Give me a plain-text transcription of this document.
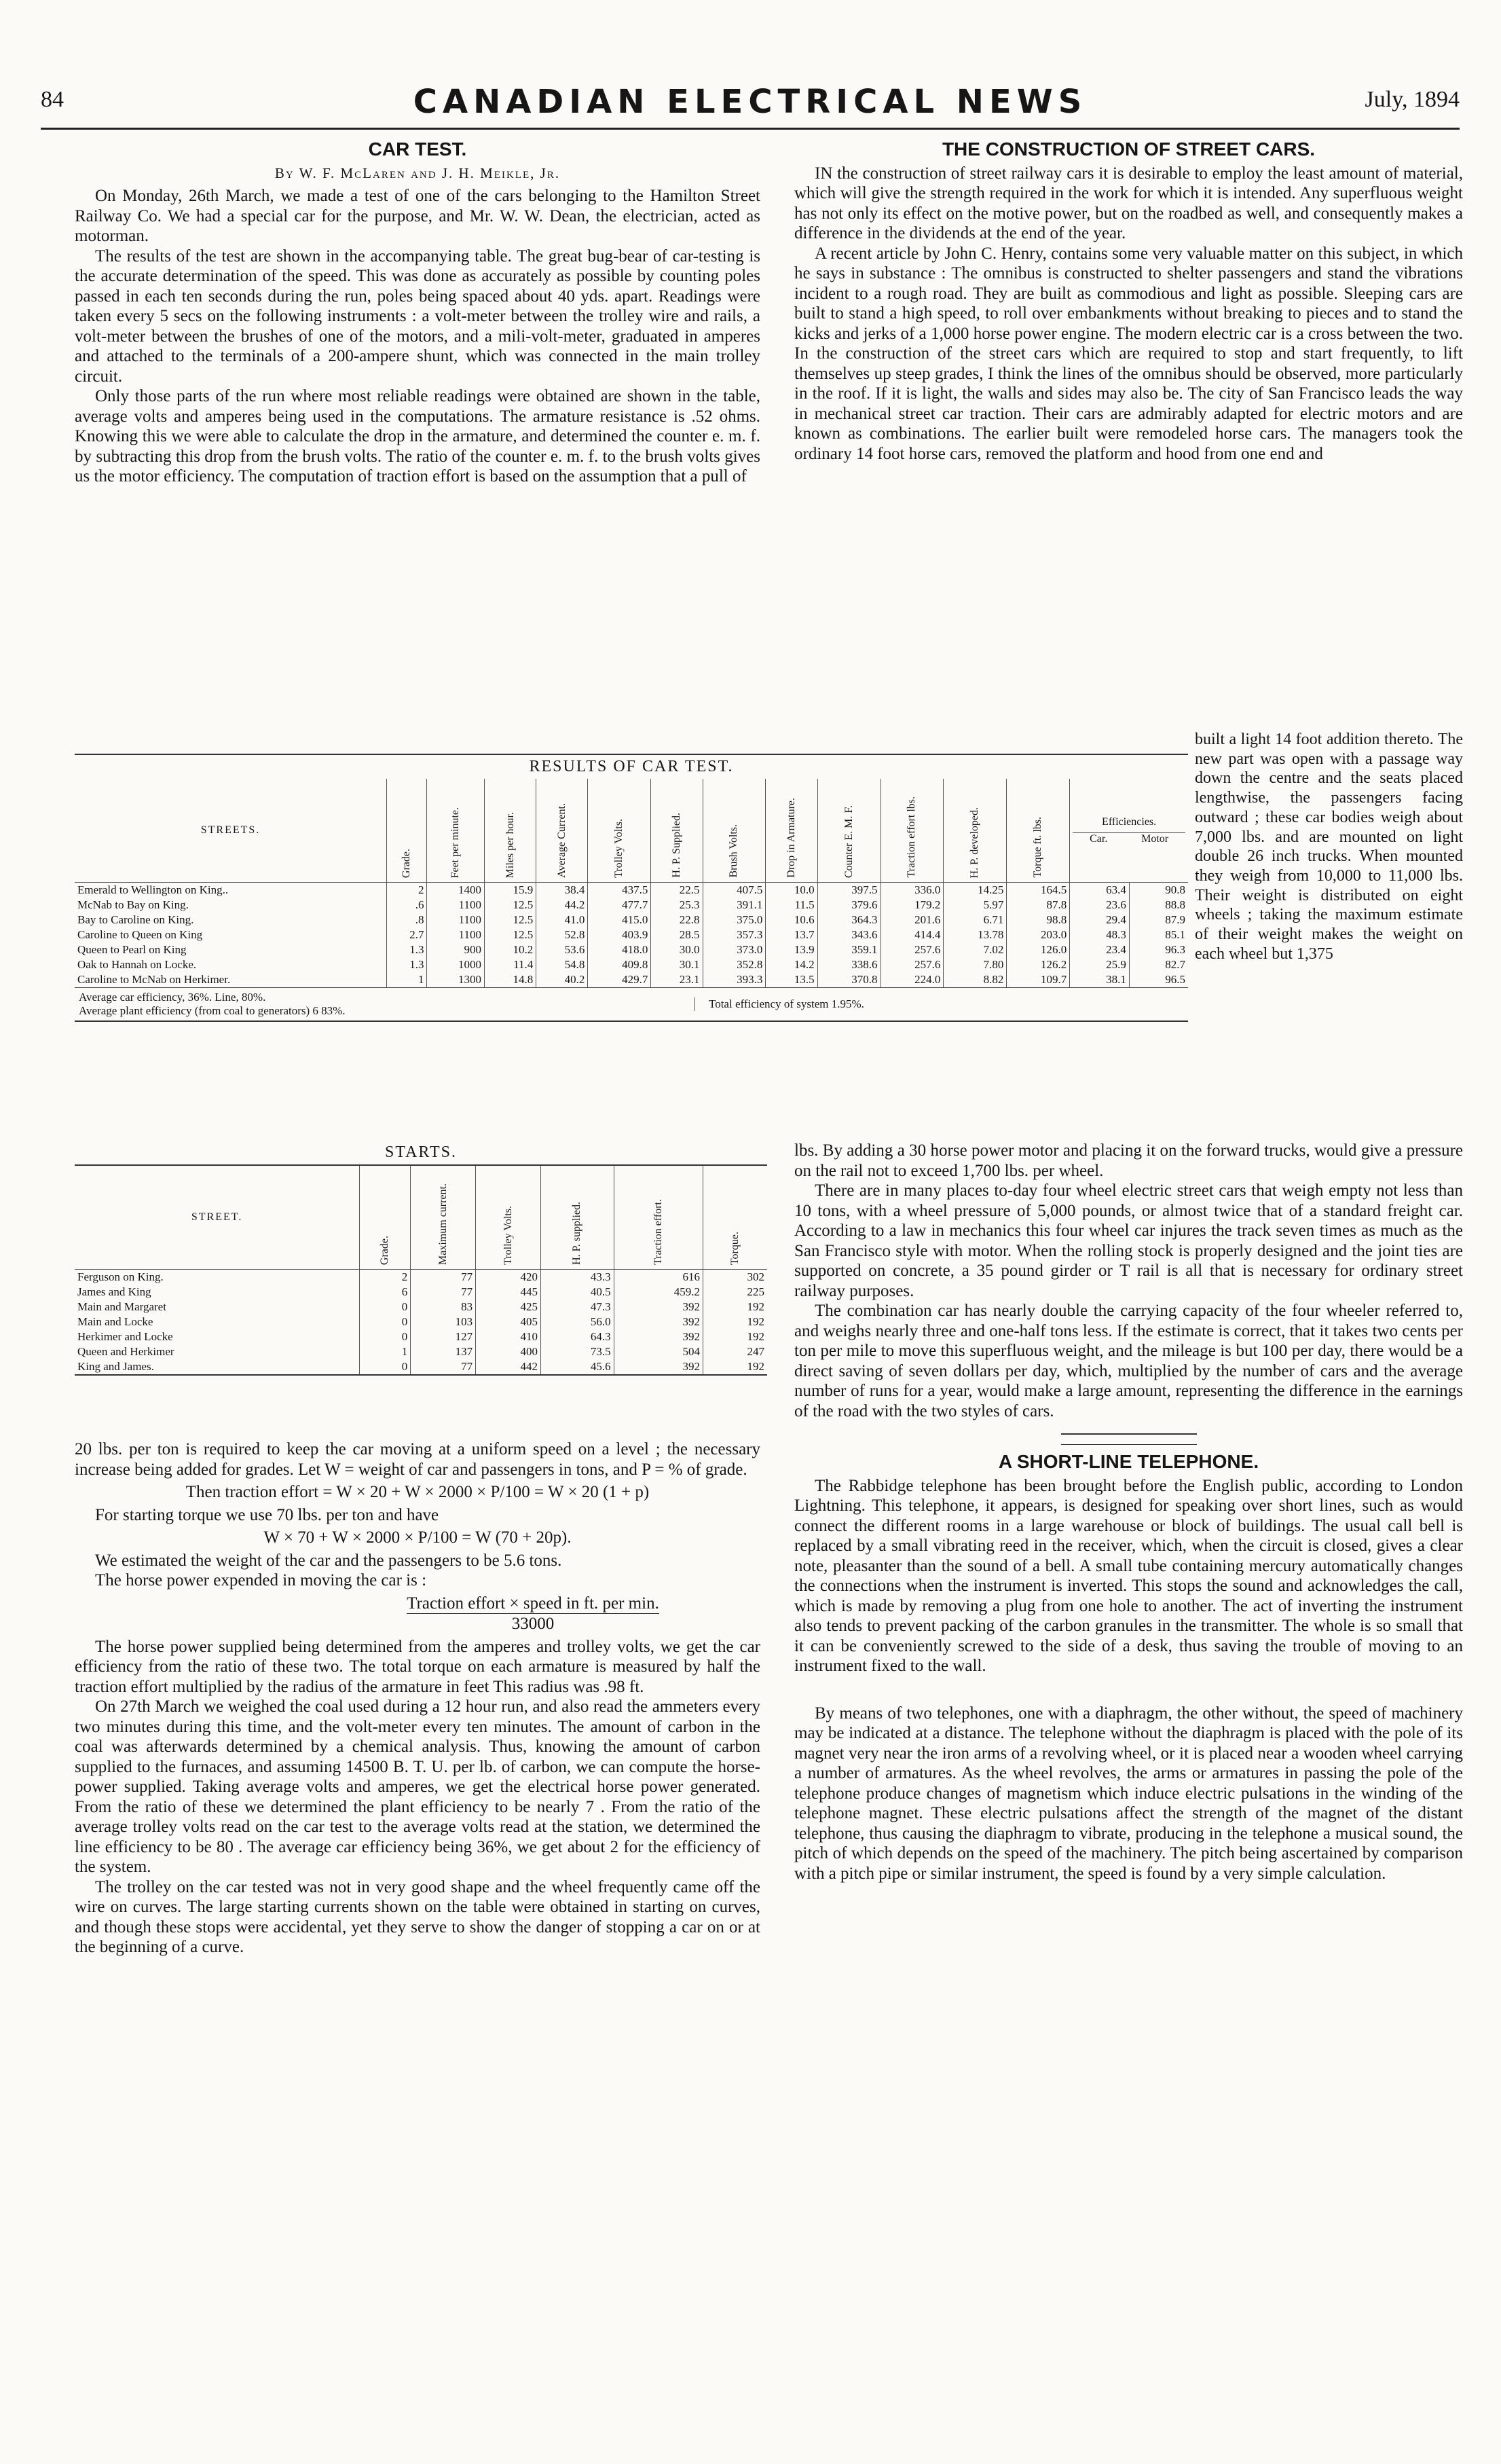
84	CANADIAN ELECTRICAL NEWS	July, 1894
CAR TEST.
By W. F. McLaren and J. H. Meikle, Jr.

On Monday, 26th March, we made a test of one of the cars belonging to the Hamilton Street Railway Co. We had a special car for the purpose, and Mr. W. W. Dean, the electrician, acted as motorman.

The results of the test are shown in the accompanying table. The great bug-bear of car-testing is the accurate determination of the speed. This was done as accurately as possible by counting poles passed in each ten seconds during the run, poles being spaced about 40 yds. apart. Readings were taken every 5 secs on the following instruments : a volt-meter between the trolley wire and rails, a volt-meter between the brushes of one of the motors, and a mili-volt-meter, graduated in amperes and attached to the terminals of a 200-ampere shunt, which was connected in the main trolley circuit.

Only those parts of the run where most reliable readings were obtained are shown in the table, average volts and amperes being used in the computations. The armature resistance is .52 ohms. Knowing this we were able to calculate the drop in the armature, and determined the counter e. m. f. by subtracting this drop from the brush volts. The ratio of the counter e. m. f. to the brush volts gives us the motor efficiency. The computation of traction effort is based on the assumption that a pull of

THE CONSTRUCTION OF STREET CARS.

IN the construction of street railway cars it is desirable to employ the least amount of material, which will give the strength required in the work for which it is intended. Any superfluous weight has not only its effect on the motive power, but on the roadbed as well, and consequently makes a difference in the dividends at the end of the year.

A recent article by John C. Henry, contains some very valuable matter on this subject, in which he says in substance : The omnibus is constructed to shelter passengers and stand the vibrations incident to a rough road. They are built as commodious and light as possible. Sleeping cars are built to stand a high speed, to roll over embankments without breaking to pieces and to stand the kicks and jerks of a 1,000 horse power engine. The modern electric car is a cross between the two. In the construction of the street cars which are required to stop and start frequently, to lift themselves up steep grades, I think the lines of the omnibus should be observed, more particularly in the roof. If it is light, the walls and sides may also be. The city of San Francisco leads the way in mechanical street car traction. Their cars are admirably adapted for electric motors and are known as combinations. The earlier built were remodeled horse cars. The managers took the ordinary 14 foot horse cars, removed the platform and hood from one end and

RESULTS OF CAR TEST.
STREETS.	Grade.	Feet per minute.	Miles per hour.	Average Current.	Trolley Volts.	H. P. Supplied.	Brush Volts.	Drop in Armature.	Counter E. M. F.	Traction effort lbs.	H. P. developed.	Torque ft. lbs.	Efficiencies.
Car. Motor	

Emerald to Wellington on King..	2	1400	15.9	38.4	437.5	22.5	407.5	10.0	397.5	336.0	14.25	164.5	63.4	90.8
McNab to Bay on King.	.6	1100	12.5	44.2	477.7	25.3	391.1	11.5	379.6	179.2	5.97	87.8	23.6	88.8
Bay to Caroline on King.	.8	1100	12.5	41.0	415.0	22.8	375.0	10.6	364.3	201.6	6.71	98.8	29.4	87.9
Caroline to Queen on King	2.7	1100	12.5	52.8	403.9	28.5	357.3	13.7	343.6	414.4	13.78	203.0	48.3	85.1
Queen to Pearl on King	1.3	900	10.2	53.6	418.0	30.0	373.0	13.9	359.1	257.6	7.02	126.0	23.4	96.3
Oak to Hannah on Locke.	1.3	1000	11.4	54.8	409.8	30.1	352.8	14.2	338.6	257.6	7.80	126.2	25.9	82.7
Caroline to McNab on Herkimer.	1	1300	14.8	40.2	429.7	23.1	393.3	13.5	370.8	224.0	8.82	109.7	38.1	96.5
Average car efficiency, 36%. Line, 80%.
Average plant efficiency (from coal to generators) 6 83%.
Total efficiency of system 1.95%.

built a light 14 foot addition thereto. The new part was open with a passage way down the centre and the seats placed lengthwise, the passengers facing outward ; these car bodies weigh about 7,000 lbs. and are mounted on light double 26 inch trucks. When mounted they weigh from 10,000 to 11,000 lbs. Their weight is distributed on eight wheels ; taking the maximum estimate of their weight makes the weight on each wheel but 1,375

STARTS.
STREET.	Grade.	Maximum current.	Trolley Volts.	H. P. supplied.	Traction effort.	Torque.
Ferguson on King.	2	77	420	43.3	616	302
James and King	6	77	445	40.5	459.2	225
Main and Margaret	0	83	425	47.3	392	192
Main and Locke	0	103	405	56.0	392	192
Herkimer and Locke	0	127	410	64.3	392	192
Queen and Herkimer	1	137	400	73.5	504	247
King and James.	0	77	442	45.6	392	192

20 lbs. per ton is required to keep the car moving at a uniform speed on a level ; the necessary increase being added for grades. Let W = weight of car and passengers in tons, and P = % of grade.

Then traction effort = W × 20 + W × 2000 × P/100 = W × 20 (1 + p)

For starting torque we use 70 lbs. per ton and have

W × 70 + W × 2000 × P/100 = W (70 + 20p).

We estimated the weight of the car and the passengers to be 5.6 tons.

The horse power expended in moving the car is :

Traction effort × speed in ft. per min.
33000

The horse power supplied being determined from the amperes and trolley volts, we get the car efficiency from the ratio of these two. The total torque on each armature is measured by half the traction effort multiplied by the radius of the armature in feet This radius was .98 ft.

On 27th March we weighed the coal used during a 12 hour run, and also read the ammeters every two minutes during this time, and the volt-meter every ten minutes. The amount of carbon in the coal was afterwards determined by a chemical analysis. Thus, knowing the amount of carbon supplied to the furnaces, and assuming 14500 B. T. U. per lb. of carbon, we can compute the horse-power supplied. Taking average volts and amperes, we get the electrical horse power generated. From the ratio of these we determined the plant efficiency to be nearly 7 . From the ratio of the average trolley volts read on the car test to the average volts read at the station, we determined the line efficiency to be 80 . The average car efficiency being 36%, we get about 2 for the efficiency of the system.

The trolley on the car tested was not in very good shape and the wheel frequently came off the wire on curves. The large starting currents shown on the table were obtained in starting on curves, and though these stops were accidental, yet they serve to show the danger of stopping a car on or at the beginning of a curve.

lbs. By adding a 30 horse power motor and placing it on the forward trucks, would give a pressure on the rail not to exceed 1,700 lbs. per wheel.

There are in many places to-day four wheel electric street cars that weigh empty not less than 10 tons, with a wheel pressure of 5,000 pounds, or almost twice that of a standard freight car. According to a law in mechanics this four wheel car injures the track seven times as much as the San Francisco style with motor. When the rolling stock is properly designed and the joint ties are supported on concrete, a 35 pound girder or T rail is all that is necessary for ordinary street railway purposes.

The combination car has nearly double the carrying capacity of the four wheeler referred to, and weighs nearly three and one-half tons less. If the estimate is correct, that it takes two cents per ton per mile to move this superfluous weight, and the mileage is but 100 per day, there would be a direct saving of seven dollars per day, which, multiplied by the number of cars and the average number of runs for a year, would make a large amount, representing the difference in the earnings of the road with the two styles of cars.

A SHORT-LINE TELEPHONE.

The Rabbidge telephone has been brought before the English public, according to London Lightning. This telephone, it appears, is designed for speaking over short lines, such as would connect the different rooms in a large warehouse or block of buildings. The usual call bell is replaced by a small vibrating reed in the receiver, which, when the circuit is closed, gives a clear note, pleasanter than the sound of a bell. A small tube containing mercury automatically changes the connections when the instrument is inverted. This stops the sound and acknowledges the call, which is made by removing a plug from one hole to another. The act of inverting the instrument also tends to prevent packing of the carbon granules in the transmitter. The whole is so small that it can be conveniently screwed to the side of a desk, thus saving the trouble of moving to an instrument fixed to the wall.

By means of two telephones, one with a diaphragm, the other without, the speed of machinery may be indicated at a distance. The telephone without the diaphragm is placed with the pole of its magnet very near the iron arms of a revolving wheel, or it is placed near a wooden wheel carrying a number of armatures. As the wheel revolves, the arms or armatures in passing the pole of the telephone produce changes of magnetism which induce electric pulsations in the winding of the telephone magnet. These electric pulsations affect the strength of the magnet of the distant telephone, thus causing the diaphragm to vibrate, producing in the telephone a musical sound, the pitch of which depends on the speed of the machinery. The pitch being ascertained by comparison with a pitch pipe or similar instrument, the speed is found by a very simple calculation.
